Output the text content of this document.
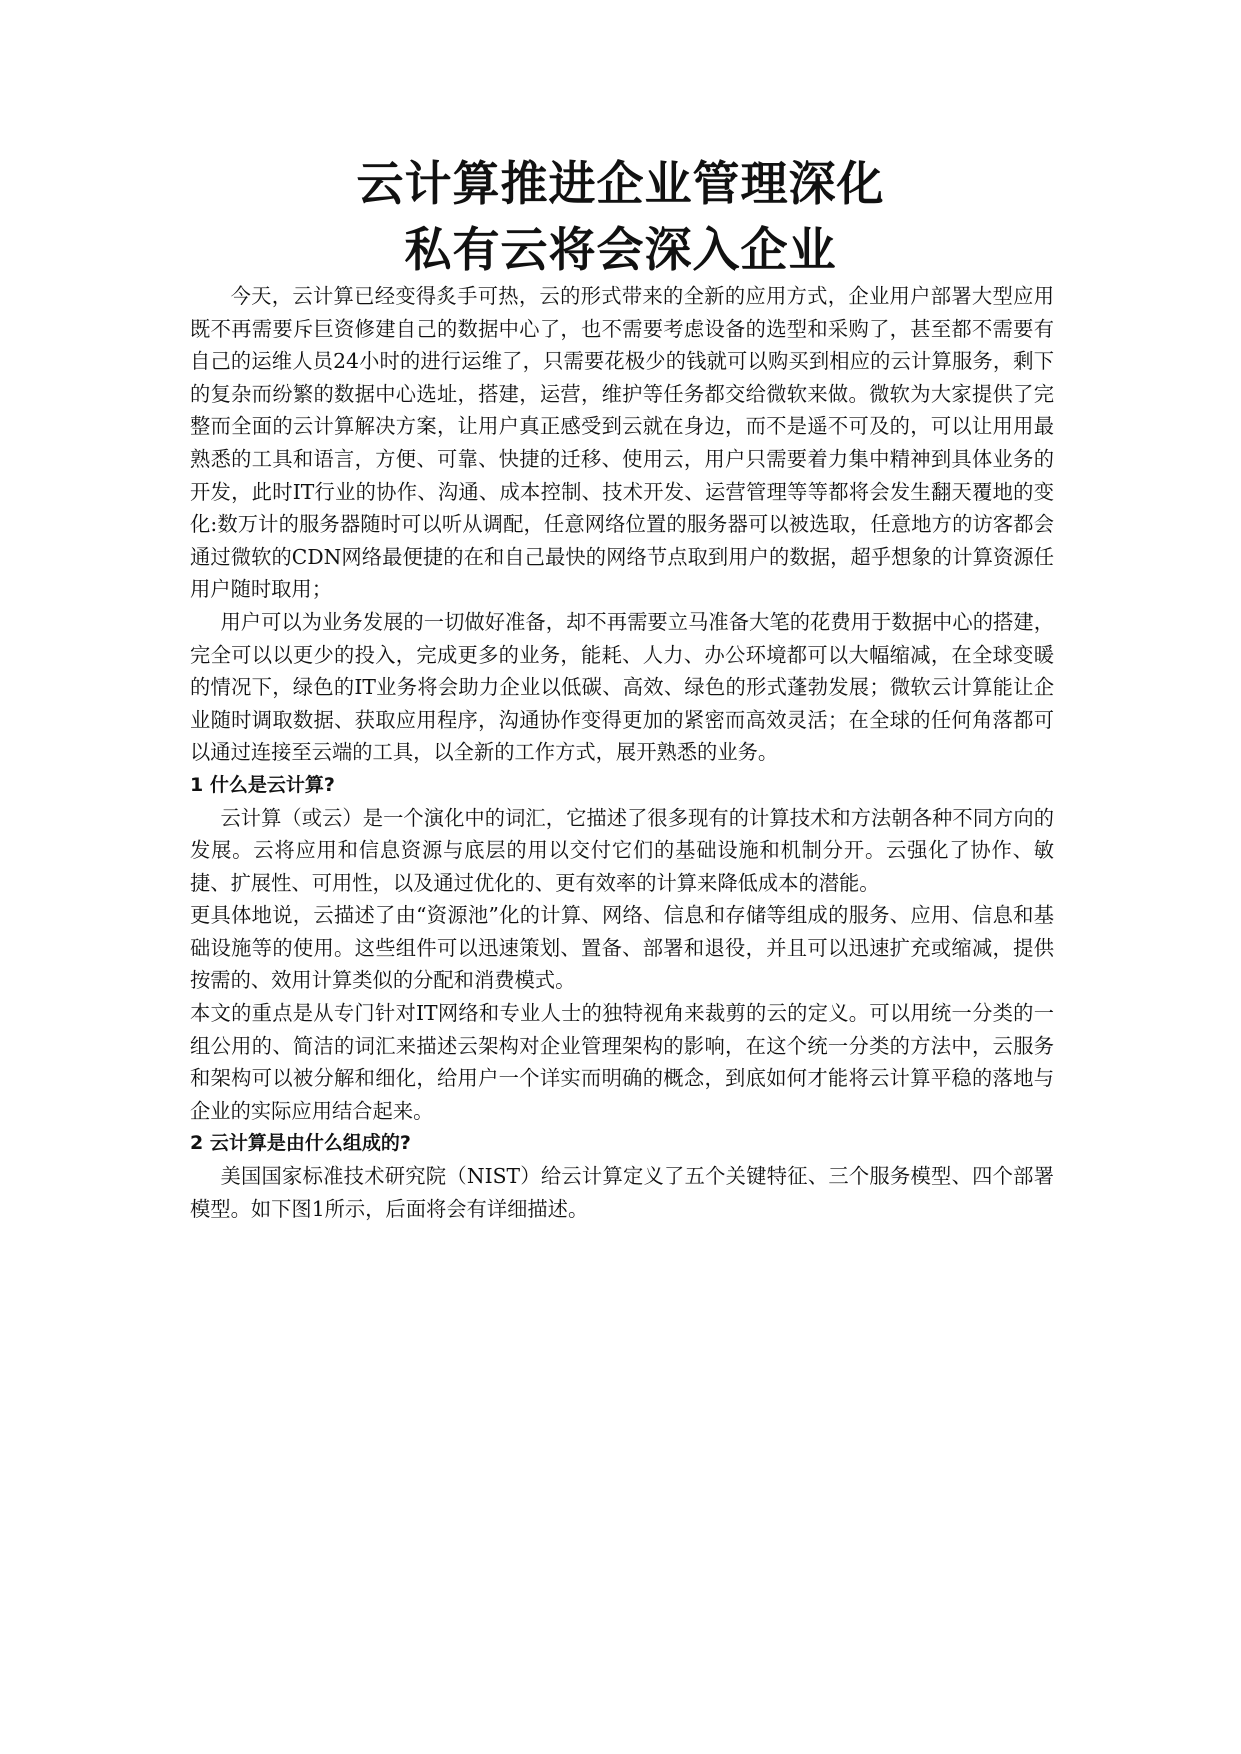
云计算推进企业管理深化
私有云将会深入企业

今天，云计算已经变得炙手可热，云的形式带来的全新的应用方式，企业用户部署大型应用既不再需要斥巨资修建自己的数据中心了，也不需要考虑设备的选型和采购了，甚至都不需要有自己的运维人员24小时的进行运维了，只需要花极少的钱就可以购买到相应的云计算服务，剩下的复杂而纷繁的数据中心选址，搭建，运营，维护等任务都交给微软来做。微软为大家提供了完整而全面的云计算解决方案，让用户真正感受到云就在身边，而不是遥不可及的，可以让用用最熟悉的工具和语言，方便、可靠、快捷的迁移、使用云，用户只需要着力集中精神到具体业务的开发，此时IT行业的协作、沟通、成本控制、技术开发、运营管理等等都将会发生翻天覆地的变化:数万计的服务器随时可以听从调配，任意网络位置的服务器可以被选取，任意地方的访客都会通过微软的CDN网络最便捷的在和自己最快的网络节点取到用户的数据，超乎想象的计算资源任用户随时取用；

用户可以为业务发展的一切做好准备，却不再需要立马准备大笔的花费用于数据中心的搭建，完全可以以更少的投入，完成更多的业务，能耗、人力、办公环境都可以大幅缩减，在全球变暖的情况下，绿色的IT业务将会助力企业以低碳、高效、绿色的形式蓬勃发展；微软云计算能让企业随时调取数据、获取应用程序，沟通协作变得更加的紧密而高效灵活；在全球的任何角落都可以通过连接至云端的工具，以全新的工作方式，展开熟悉的业务。

1 什么是云计算?

云计算（或云）是一个演化中的词汇，它描述了很多现有的计算技术和方法朝各种不同方向的发展。云将应用和信息资源与底层的用以交付它们的基础设施和机制分开。云强化了协作、敏捷、扩展性、可用性，以及通过优化的、更有效率的计算来降低成本的潜能。

更具体地说，云描述了由“资源池”化的计算、网络、信息和存储等组成的服务、应用、信息和基础设施等的使用。这些组件可以迅速策划、置备、部署和退役，并且可以迅速扩充或缩减，提供按需的、效用计算类似的分配和消费模式。

本文的重点是从专门针对IT网络和专业人士的独特视角来裁剪的云的定义。可以用统一分类的一组公用的、简洁的词汇来描述云架构对企业管理架构的影响，在这个统一分类的方法中，云服务和架构可以被分解和细化，给用户一个详实而明确的概念，到底如何才能将云计算平稳的落地与企业的实际应用结合起来。

2 云计算是由什么组成的?

美国国家标准技术研究院（NIST）给云计算定义了五个关键特征、三个服务模型、四个部署模型。如下图1所示，后面将会有详细描述。
